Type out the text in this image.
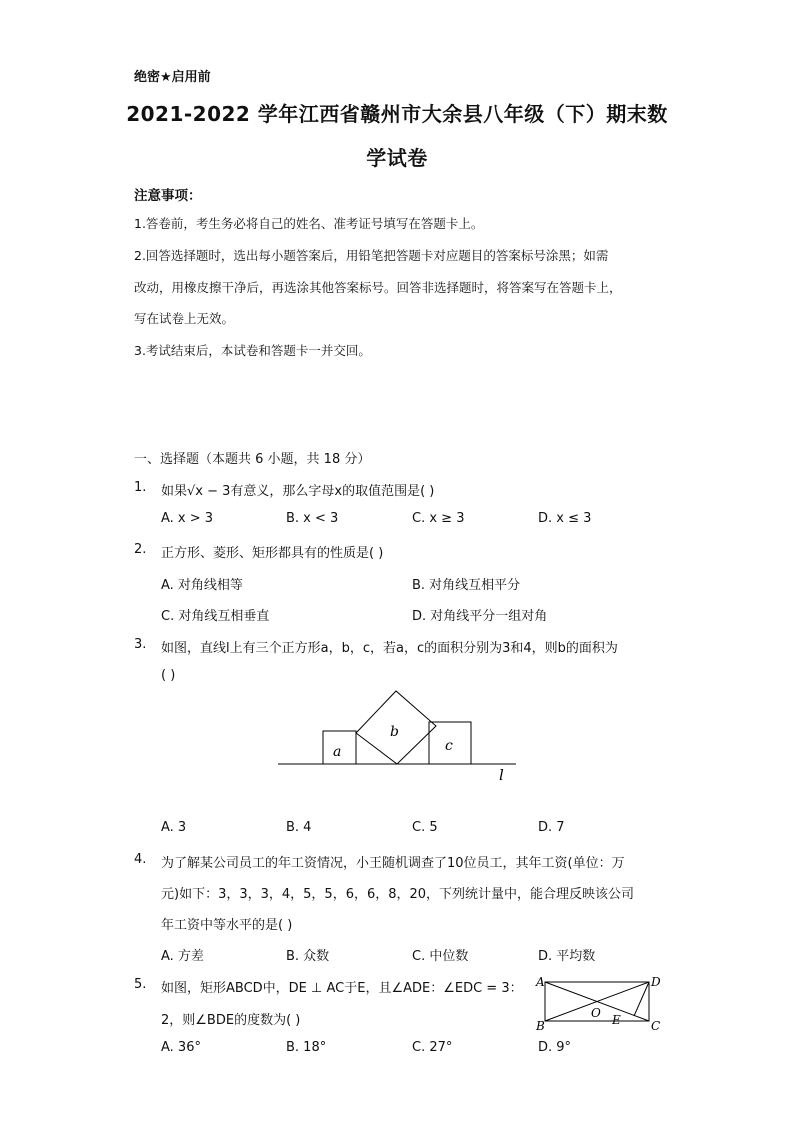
绝密★启用前
2021-2022 学年江西省赣州市大余县八年级（下）期末数
学试卷
注意事项：
1.答卷前，考生务必将自己的姓名、准考证号填写在答题卡上。
2.回答选择题时，选出每小题答案后，用铅笔把答题卡对应题目的答案标号涂黑；如需
改动，用橡皮擦干净后，再选涂其他答案标号。回答非选择题时，将答案写在答题卡上，
写在试卷上无效。
3.考试结束后，本试卷和答题卡一并交回。
一、选择题（本题共 6 小题，共 18 分）
1. 如果√x − 3有意义，那么字母x的取值范围是( )
A. x > 3	B. x < 3	C. x ≥ 3	D. x ≤ 3
2. 正方形、菱形、矩形都具有的性质是( )
A. 对角线相等	B. 对角线互相平分
C. 对角线互相垂直	D. 对角线平分一组对角
3. 如图，直线l上有三个正方形a，b，c，若a，c的面积分别为3和4，则b的面积为
( )
a
b
c
l
A. 3	B. 4	C. 5	D. 7
4. 为了解某公司员工的年工资情况，小王随机调查了10位员工，其年工资(单位：万
元)如下：3，3，3，4，5，5，6，6，8，20，下列统计量中，能合理反映该公司
年工资中等水平的是( )
A. 方差	B. 众数	C. 中位数	D. 平均数
5. 如图，矩形ABCD中，DE ⊥ AC于E，且∠ADE：∠EDC = 3：
2，则∠BDE的度数为( )
A	D
B	C
O E
A. 36°	B. 18°	C. 27°	D. 9°
